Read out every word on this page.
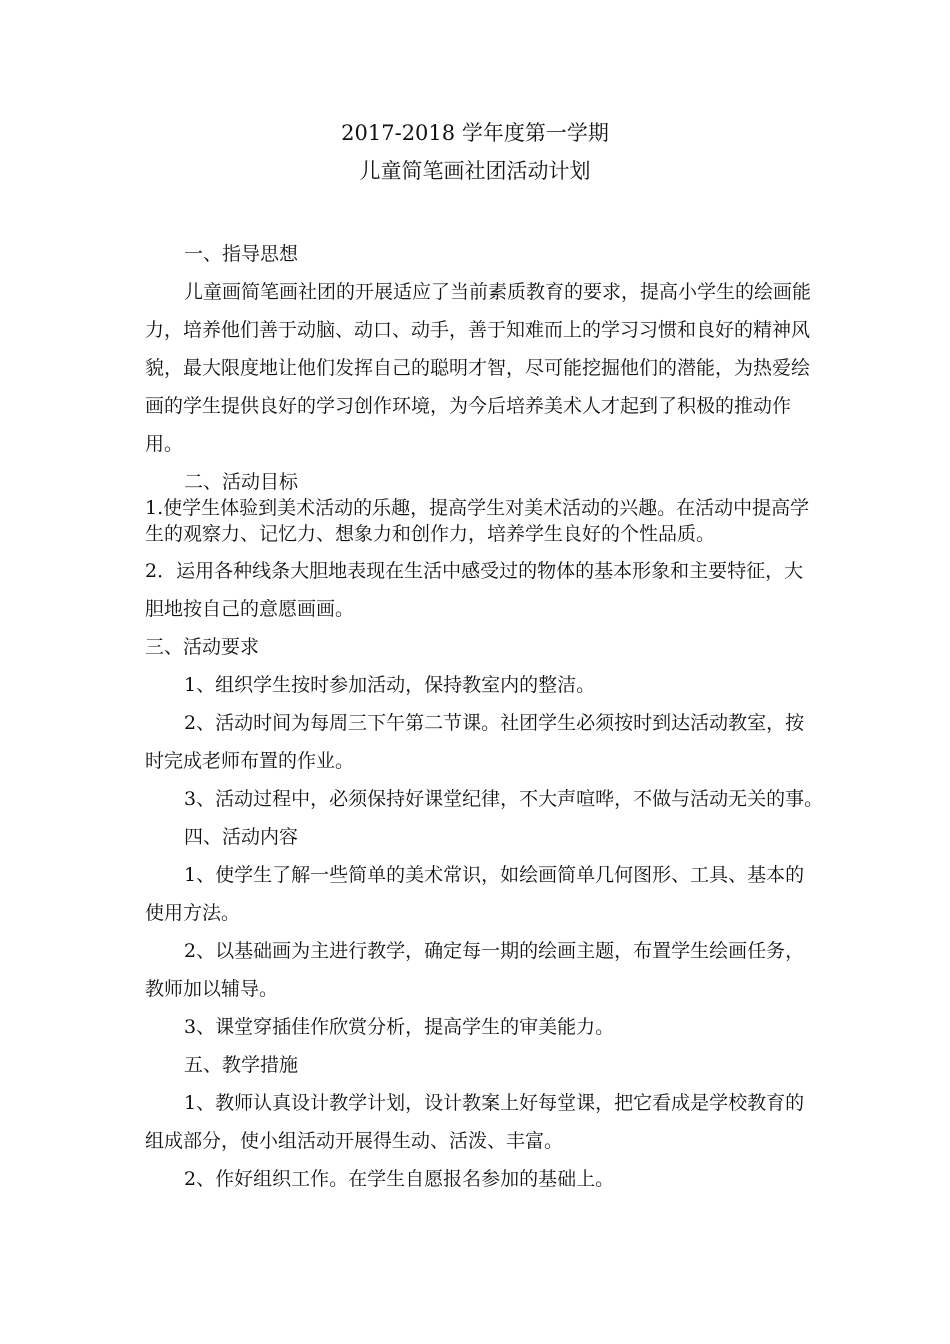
2017-2018 学年度第一学期
儿童简笔画社团活动计划
一、指导思想
儿童画简笔画社团的开展适应了当前素质教育的要求，提高小学生的绘画能
力，培养他们善于动脑、动口、动手，善于知难而上的学习习惯和良好的精神风
貌，最大限度地让他们发挥自己的聪明才智，尽可能挖掘他们的潜能，为热爱绘
画的学生提供良好的学习创作环境，为今后培养美术人才起到了积极的推动作
用。
二、活动目标
1.使学生体验到美术活动的乐趣，提高学生对美术活动的兴趣。在活动中提高学
生的观察力、记忆力、想象力和创作力，培养学生良好的个性品质。
2．运用各种线条大胆地表现在生活中感受过的物体的基本形象和主要特征，大
胆地按自己的意愿画画。
三、活动要求
1、组织学生按时参加活动，保持教室内的整洁。
2、活动时间为每周三下午第二节课。社团学生必须按时到达活动教室，按
时完成老师布置的作业。
3、活动过程中，必须保持好课堂纪律，不大声喧哗，不做与活动无关的事。
四、活动内容
1、使学生了解一些简单的美术常识，如绘画简单几何图形、工具、基本的
使用方法。
2、以基础画为主进行教学，确定每一期的绘画主题，布置学生绘画任务，
教师加以辅导。
3、课堂穿插佳作欣赏分析，提高学生的审美能力。
五、教学措施
1、教师认真设计教学计划，设计教案上好每堂课，把它看成是学校教育的
组成部分，使小组活动开展得生动、活泼、丰富。
2、作好组织工作。在学生自愿报名参加的基础上。
